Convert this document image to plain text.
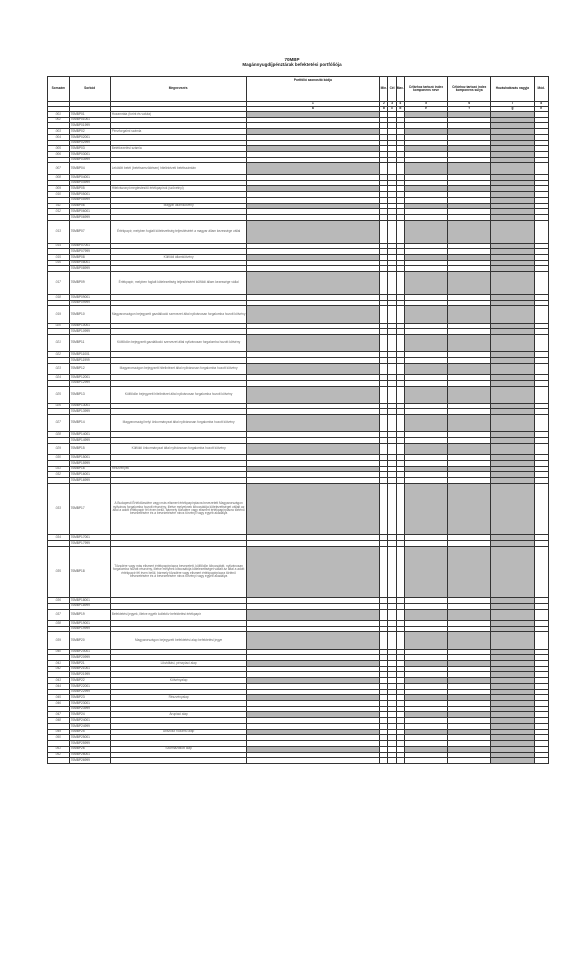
70MBP
Magánnyugdíjpénztárak befektetési portfóliója
Sorszám	Sorkód	Megnevezés	Portfólió azonosító kódja	Min.	Cél	Max.	Célárhoz tartozó index komponens neve	Célárhoz tartozó index komponens súlya	Hozáshatárzás nagyja	Mód.
			1	2	3	4	5	6	7	8
			a	b	c	d	e	f	g	h
001	70MBP01	Hozamráta (forint és valuta)								
002	70MBP01001									
	70MBP01999									
003	70MBP02	Pénzforgalmi számla								
004	70MBP02001									
	70MBP02999									
005	70MBP03	Betétkezelési számla								
006	70MBP03001									
	70MBP03999									
007	70MBP04	Lekötött betét (betétszerződésen) hitelintézeti betétszámlán								
008	70MBP04001									
	70MBP04999									
009	70MBP05	Hitelviszonyt megtestesítő értékpapírok (szövetnyi)								
010	70MBP05001									
	70MBP05999									
011	70MBP06	Magyar államkötvény								
012	70MBP06001									
	70MBP06999									
013	70MBP07	Értékpapír, melyben foglalt kötelezettség teljesítéséért a magyar állam kezessége vállal								
014	70MBP07001									
	70MBP07999									
015	70MBP08	Külföldi államkötvény								
016	70MBP08001									
	70MBP08999									
017	70MBP09	Értékpapír, melyben foglalt kötelezettség teljesítéséért külföldi állam kezessége vállal								
018	70MBP09001									
	70MBP09999									
019	70MBP10	Magyarországon bejegyzett gazdálkodó szervezet által nyilvánosan forgalomba hozott kötvény								
020	70MBP10001									
	70MBP10999									
021	70MBP11	Külföldön bejegyzett gazdálkodó szervezet által nyilvánosan forgalomba hozott kötvény								
022	70MBP11001									
	70MBP11999									
023	70MBP12	Magyarországon bejegyzett hitelintézet által nyilvánosan forgalomba hozott kötvény								
024	70MBP12001									
	70MBP12999									
025	70MBP13	Külföldön bejegyzett hitelintézet által nyilvánosan forgalomba hozott kötvény								
026	70MBP13001									
	70MBP13999									
027	70MBP14	Magyarországi helyi önkormányzat által nyilvánosan forgalomba hozott kötvény								
028	70MBP14001									
	70MBP14999									
029	70MBP15	Külföldi önkormányzat által nyilvánosan forgalomba hozott kötvény								
030	70MBP15001									
	70MBP15999									
031	70MBP16	Részvények								
032	70MBP16001									
	70MBP16999									
033	70MBP17	A Budapesti Értéktőzsdére vagy más elismert értékpapírpiacra bevezetett Magyarországon nyilvános forgalomba hozott részvény, illetve melyeknek kibocsátója kötelezettséget vállalt az által a adott értékpapír fél éven belül, bármely tőzsdére vagy elismert értékpapírpiacra történő bevezetésére és a bevezetésére nincs törvényi vagy egyéb akadálya								
034	70MBP17001									
	70MBP17999									
035	70MBP18	Tőzsdére vagy más elismert értékpapírpiacra bevezetett, külföldön kibocsátott, nyilvánosan forgalomba hozott részvény, illetve melynek kibocsátója kötelezettséget vállalt az által a adott értékpapír fél éven belül, bármely tőzsdére vagy elismert értékpapírpiacra történő bevezetésére és a bevezetésére nincs törvényi vagy egyéb akadálya								
036	70MBP18001									
	70MBP18999									
037	70MBP19	Befektetési jegyek, illetve egyéb kollektív befektetési értékpapír								
038	70MBP19001									
	70MBP19999									
039	70MBP20	Magyarországon bejegyzett befektetési alap befektetési jegye								
040	70MBP20001									
	70MBP20999									
041	70MBP21	Likviditási, pénzpiaci alap								
042	70MBP21001									
	70MBP21999									
043	70MBP22	Kötvényalap								
044	70MBP22001									
	70MBP22999									
045	70MBP23	Részvényalap								
046	70MBP23001									
	70MBP23999									
047	70MBP24	Árupiaci alap								
048	70MBP24001									
	70MBP24999									
049	70MBP25	Abszolút hozamú alap								
050	70MBP25001									
	70MBP25999									
051	70MBP26	Származtatott alap								
052	70MBP26001									
	70MBP26999									
